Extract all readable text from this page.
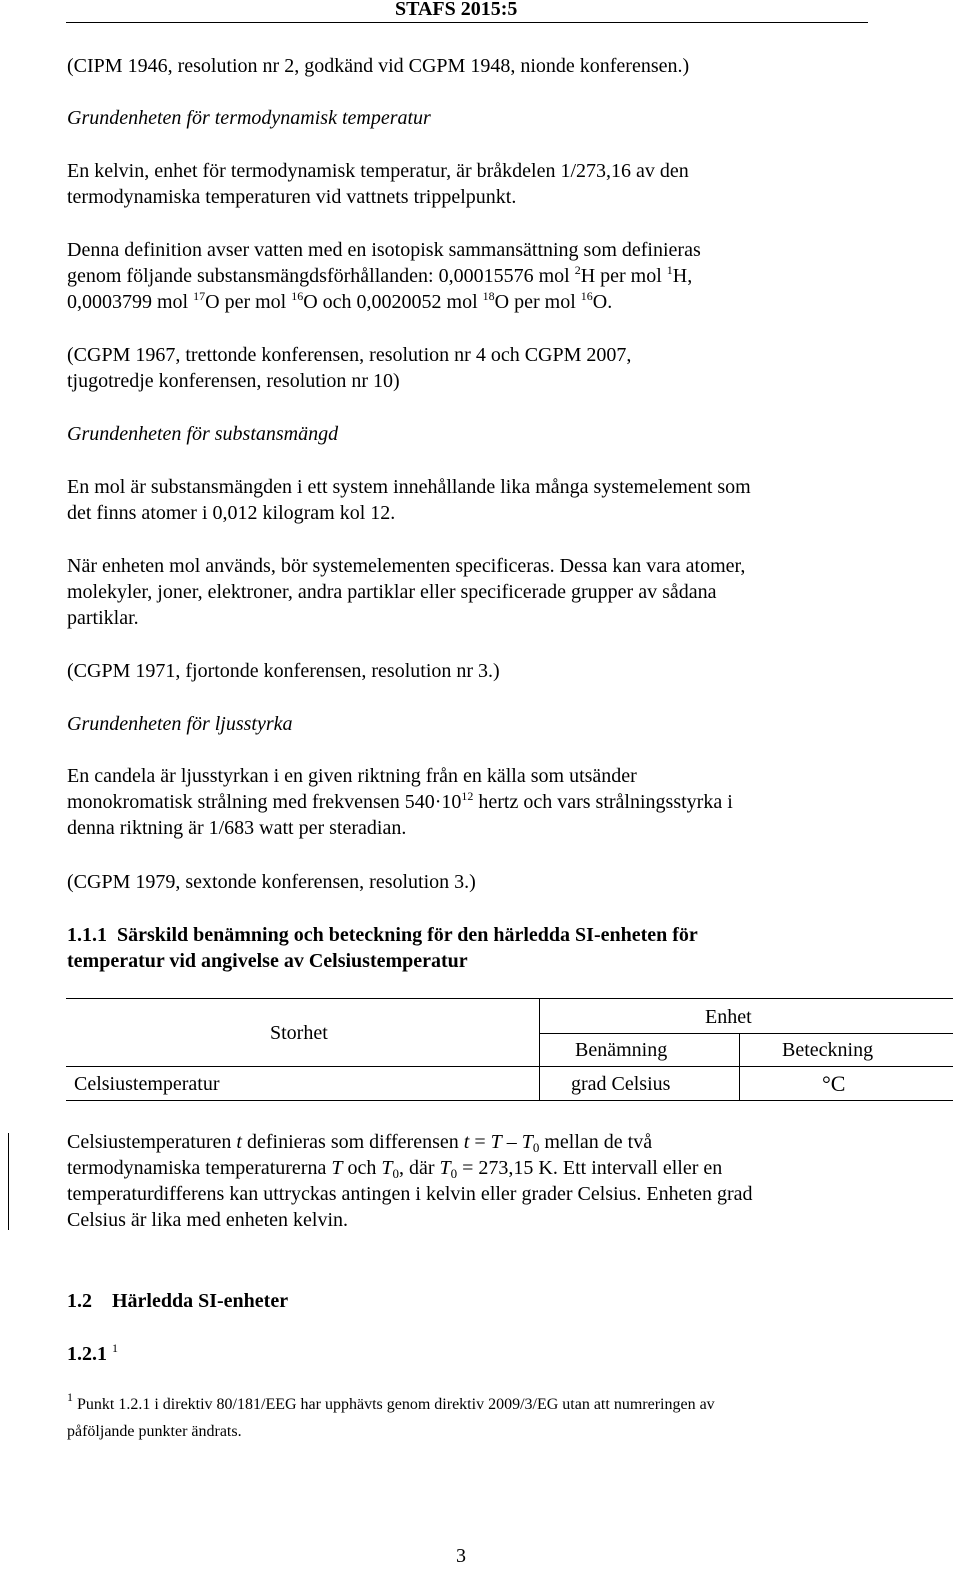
STAFS 2015:5
(CIPM 1946, resolution nr 2, godkänd vid CGPM 1948, nionde konferensen.)
Grundenheten för termodynamisk temperatur
En kelvin, enhet för termodynamisk temperatur, är bråkdelen 1/273,16 av den
termodynamiska temperaturen vid vattnets trippelpunkt.
Denna definition avser vatten med en isotopisk sammansättning som definieras
genom följande substansmängdsförhållanden: 0,00015576 mol $^2$H per mol $^1$H,
0,0003799 mol $^{17}$O per mol $^{16}$O och 0,0020052 mol $^{18}$O per mol $^{16}$O.
(CGPM 1967, trettonde konferensen, resolution nr 4 och CGPM 2007,
tjugotredje konferensen, resolution nr 10)
Grundenheten för substansmängd
En mol är substansmängden i ett system innehållande lika många systemelement som
det finns atomer i 0,012 kilogram kol 12.
När enheten mol används, bör systemelementen specificeras. Dessa kan vara atomer,
molekyler, joner, elektroner, andra partiklar eller specificerade grupper av sådana
partiklar.
(CGPM 1971, fjortonde konferensen, resolution nr 3.)
Grundenheten för ljusstyrka
En candela är ljusstyrkan i en given riktning från en källa som utsänder
monokromatisk strålning med frekvensen $540\cdot 10^{12}$ hertz och vars strålningsstyrka i
denna riktning är 1/683 watt per steradian.
(CGPM 1979, sextonde konferensen, resolution 3.)
1.1.1  Särskild benämning och beteckning för den härledda SI-enheten för
temperatur vid angivelse av Celsiustemperatur
Storhet
Enhet
Benämning	Beteckning
Celsiustemperatur	grad Celsius	°C
Celsiustemperaturen t definieras som differensen $t = T - T_0$ mellan de två
termodynamiska temperaturerna T och $T_0$, där $T_0 = 273,15$ K. Ett intervall eller en
temperaturdifferens kan uttryckas antingen i kelvin eller grader Celsius. Enheten grad
Celsius är lika med enheten kelvin.
1.2    Härledda SI-enheter
1.2.1 $^1$
$^1$ Punkt 1.2.1 i direktiv 80/181/EEG har upphävts genom direktiv 2009/3/EG utan att numreringen av
påföljande punkter ändrats.
3
